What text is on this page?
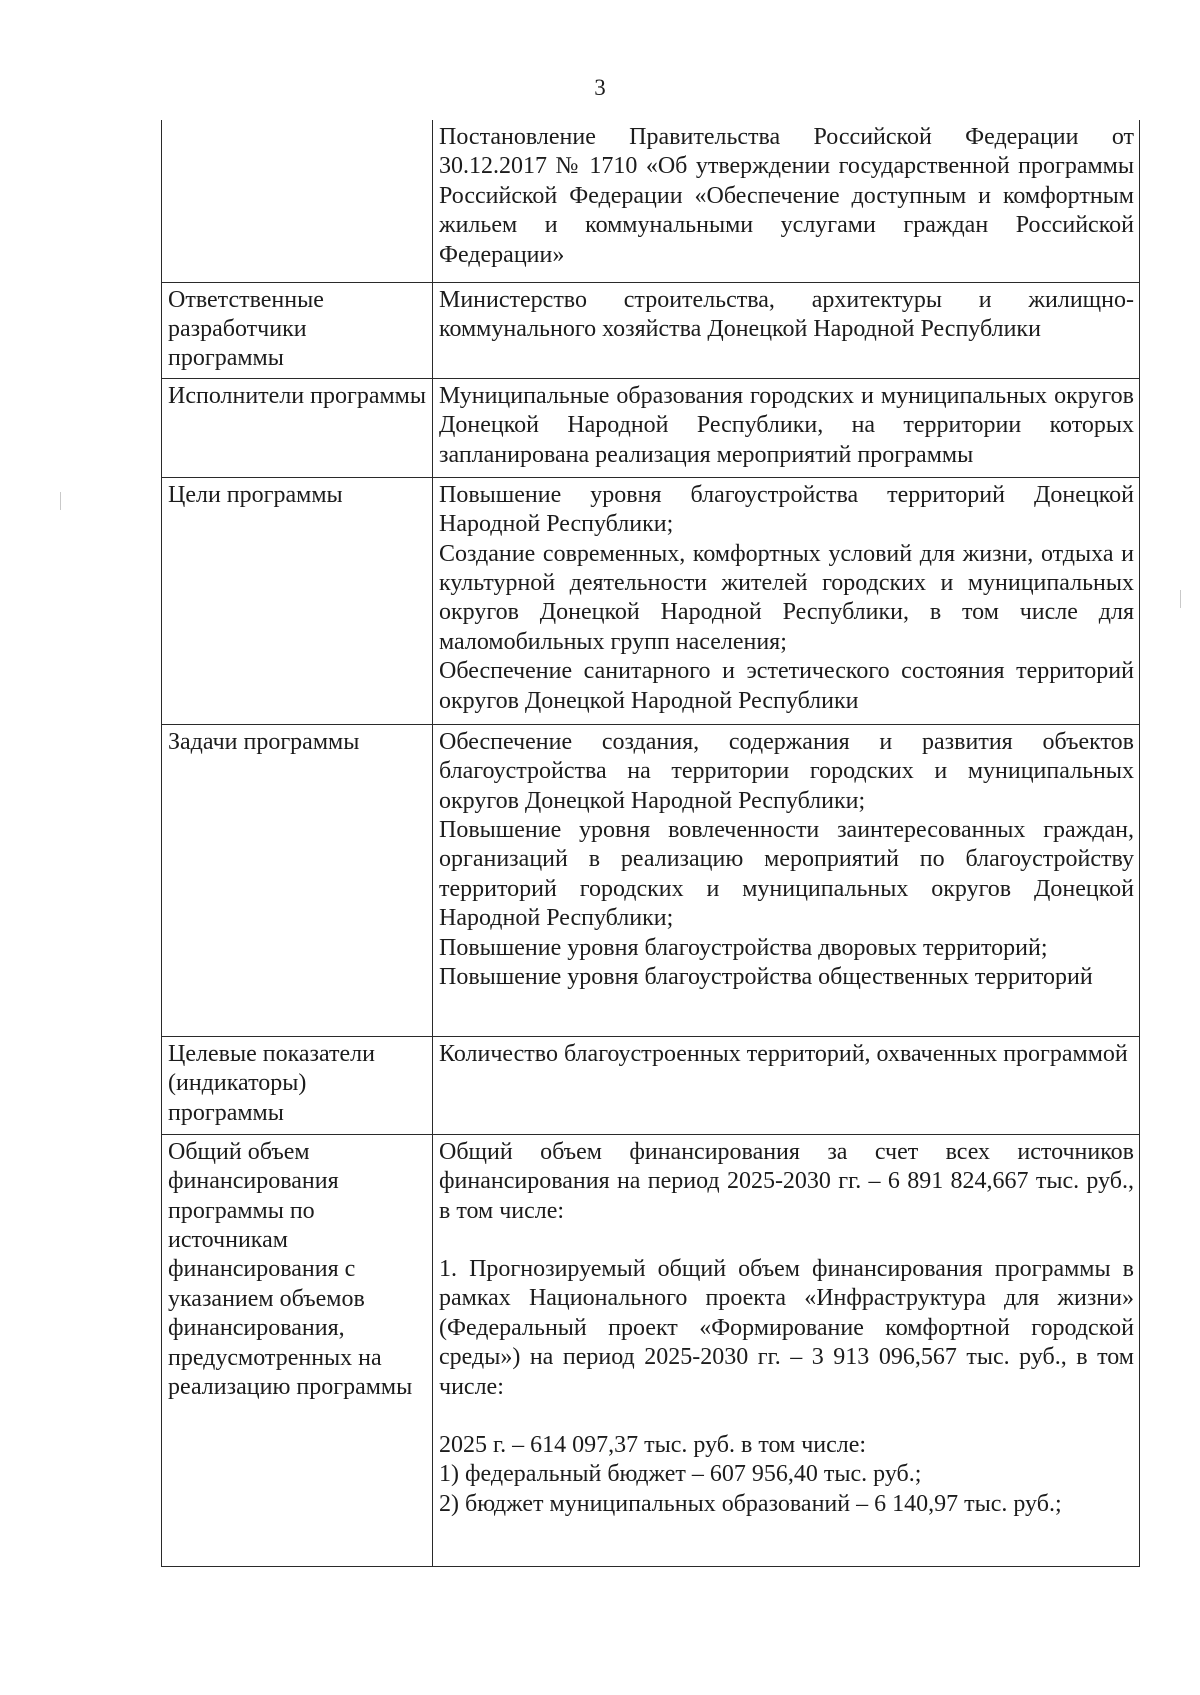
3

	Постановление Правительства Российской Федерации от 30.12.2017 № 1710 «Об утверждении государственной программы Российской Федерации «Обеспечение доступным и комфортным жильем и коммунальными услугами граждан Российской Федерации»

Ответственные разработчики программы	Министерство строительства, архитектуры и жилищно-коммунального хозяйства Донецкой Народной Республики

Исполнители программы	Муниципальные образования городских и муниципальных округов Донецкой Народной Республики, на территории которых запланирована реализация мероприятий программы

Цели программы	Повышение уровня благоустройства территорий Донецкой Народной Республики;
Создание современных, комфортных условий для жизни, отдыха и культурной деятельности жителей городских и муниципальных округов Донецкой Народной Республики, в том числе для маломобильных групп населения;
Обеспечение санитарного и эстетического состояния территорий округов Донецкой Народной Республики

Задачи программы	Обеспечение создания, содержания и развития объектов благоустройства на территории городских и муниципальных округов Донецкой Народной Республики;
Повышение уровня вовлеченности заинтересованных граждан, организаций в реализацию мероприятий по благоустройству территорий городских и муниципальных округов Донецкой Народной Республики;
Повышение уровня благоустройства дворовых территорий;
Повышение уровня благоустройства общественных территорий

Целевые показатели (индикаторы) программы	Количество благоустроенных территорий, охваченных программой

Общий объем финансирования программы по источникам финансирования с указанием объемов финансирования, предусмотренных на реализацию программы	Общий объем финансирования за счет всех источников финансирования на период 2025-2030 гг. – 6 891 824,667 тыс. руб., в том числе:
1. Прогнозируемый общий объем финансирования программы в рамках Национального проекта «Инфраструктура для жизни» (Федеральный проект «Формирование комфортной городской среды») на период 2025-2030 гг. – 3 913 096,567 тыс. руб., в том числе:
2025 г. – 614 097,37 тыс. руб. в том числе:
1) федеральный бюджет – 607 956,40 тыс. руб.;
2) бюджет муниципальных образований – 6 140,97 тыс. руб.;
